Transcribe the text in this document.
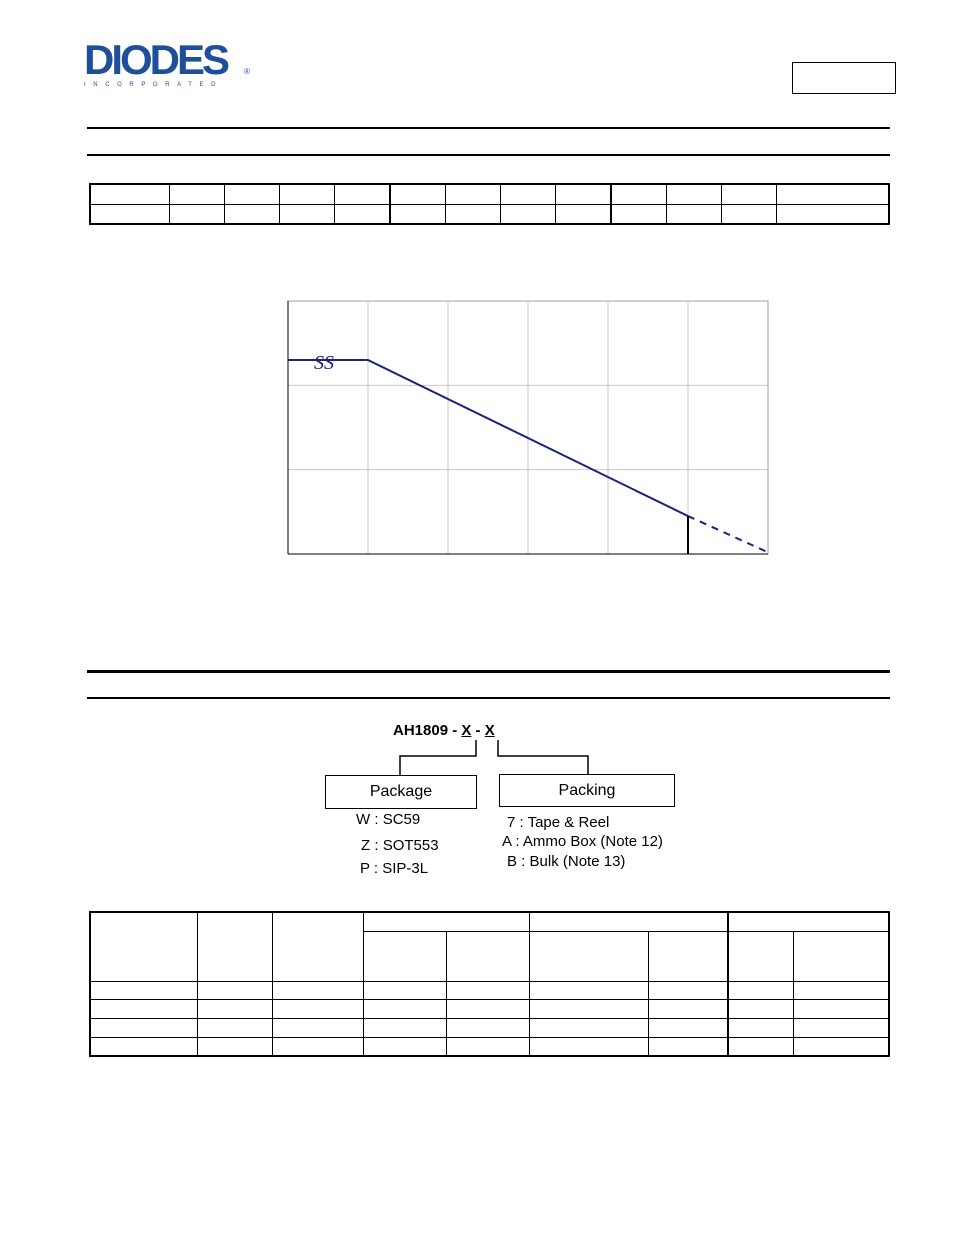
DIODES
INCORPORATED
®

SS
AH1809 - X - X
Package	Packing
W : SC59
Z : SOT553
P : SIP-3L
7 : Tape & Reel
A : Ammo Box (Note 12)
B : Bulk (Note 13)
